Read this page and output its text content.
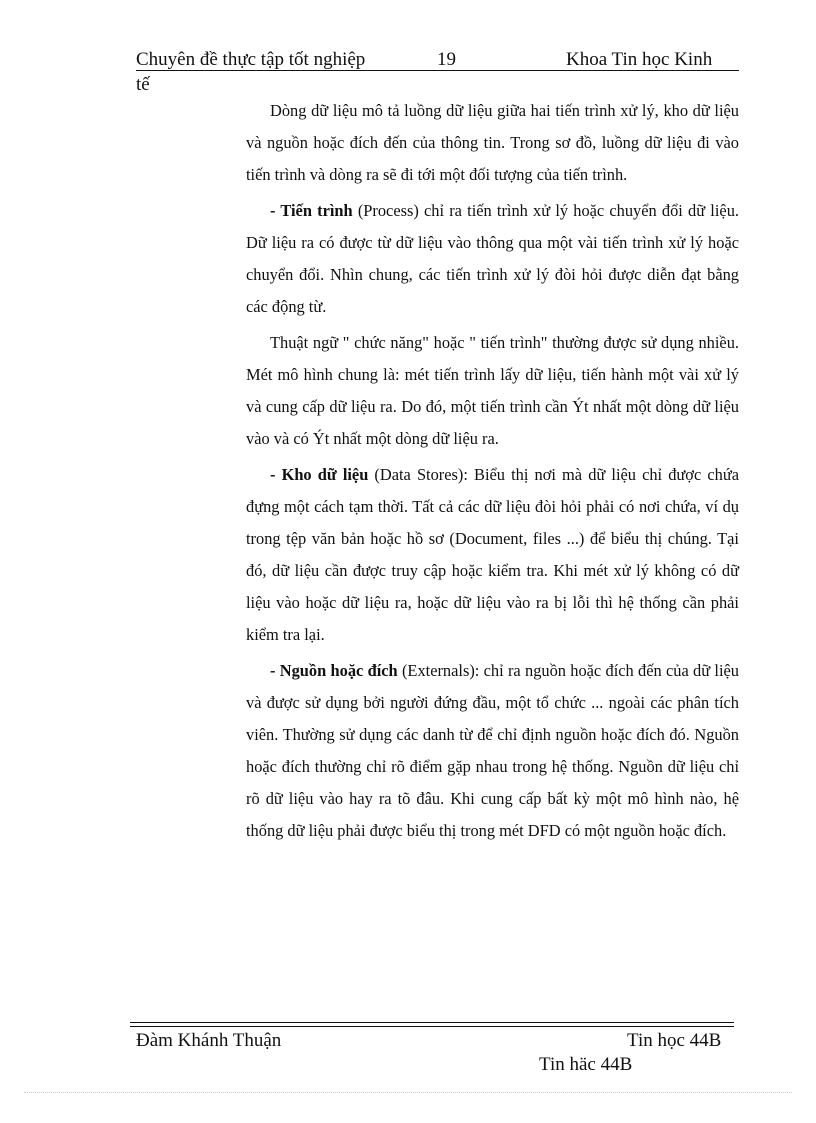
Chuyên đề thực tập tốt nghiệp	19	Khoa Tin học Kinh
tế

Dòng dữ liệu mô tả luồng dữ liệu giữa hai tiến trình xử lý, kho dữ liệu và nguồn hoặc đích đến của thông tin. Trong sơ đồ, luồng dữ liệu đi vào tiến trình và dòng ra sẽ đi tới một đối tượng của tiến trình.

- Tiến trình (Process) chỉ ra tiến trình xử lý hoặc chuyển đổi dữ liệu. Dữ liệu ra có được từ dữ liệu vào thông qua một vài tiến trình xử lý hoặc chuyển đổi. Nhìn chung, các tiến trình xử lý đòi hỏi được diễn đạt bằng các động từ.

Thuật ngữ " chức năng" hoặc " tiến trình" thường được sử dụng nhiều. Mét mô hình chung là: mét tiến trình lấy dữ liệu, tiến hành một vài xử lý và cung cấp dữ liệu ra. Do đó, một tiến trình cần Ýt nhất một dòng dữ liệu vào và có Ýt nhất một dòng dữ liệu ra.

- Kho dữ liệu (Data Stores): Biểu thị nơi mà dữ liệu chỉ được chứa đựng một cách tạm thời. Tất cả các dữ liệu đòi hỏi phải có nơi chứa, ví dụ trong tệp văn bản hoặc hồ sơ (Document, files ...) để biểu thị chúng. Tại đó, dữ liệu cần được truy cập hoặc kiểm tra. Khi mét xử lý không có dữ liệu vào hoặc dữ liệu ra, hoặc dữ liệu vào ra bị lỗi thì hệ thống cần phải kiểm tra lại.

- Nguồn hoặc đích (Externals): chỉ ra nguồn hoặc đích đến của dữ liệu và được sử dụng bởi người đứng đầu, một tổ chức ... ngoài các phân tích viên. Thường sử dụng các danh từ để chỉ định nguồn hoặc đích đó. Nguồn hoặc đích thường chỉ rõ điểm gặp nhau trong hệ thống. Nguồn dữ liệu chỉ rõ dữ liệu vào hay ra tõ đâu. Khi cung cấp bất kỳ một mô hình nào, hệ thống dữ liệu phải được biểu thị trong mét DFD có một nguồn hoặc đích.

Đàm Khánh Thuận	Tin học 44B
Tin häc 44B
